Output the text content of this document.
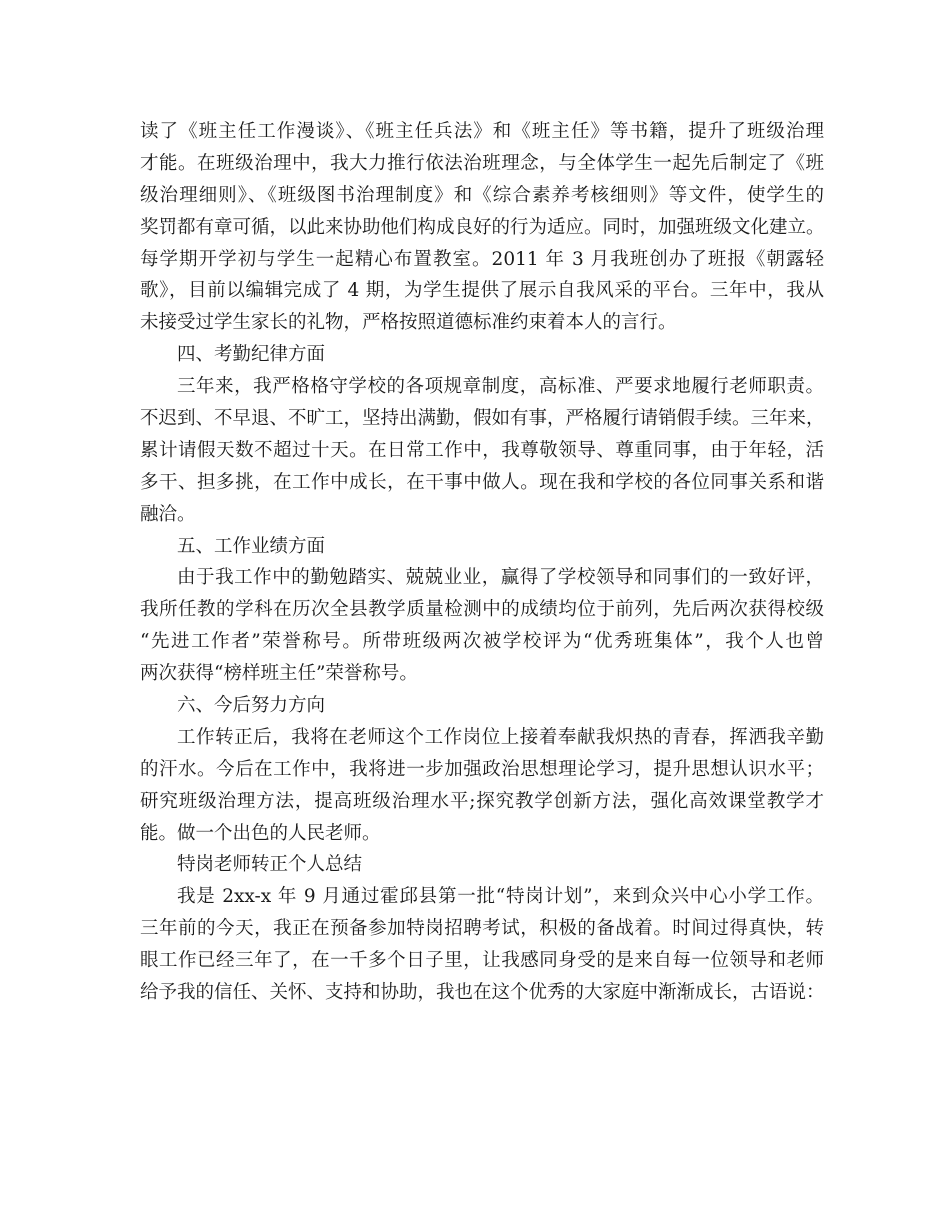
读了《班主任工作漫谈》、《班主任兵法》和《班主任》等书籍，提升了班级治理
才能。在班级治理中，我大力推行依法治班理念，与全体学生一起先后制定了《班
级治理细则》、《班级图书治理制度》和《综合素养考核细则》等文件，使学生的
奖罚都有章可循，以此来协助他们构成良好的行为适应。同时，加强班级文化建立。
每学期开学初与学生一起精心布置教室。2011 年 3 月我班创办了班报《朝露轻
歌》，目前以编辑完成了 4 期，为学生提供了展示自我风采的平台。三年中，我从
未接受过学生家长的礼物，严格按照道德标准约束着本人的言行。
四、考勤纪律方面
三年来，我严格格守学校的各项规章制度，高标准、严要求地履行老师职责。
不迟到、不早退、不旷工，坚持出满勤，假如有事，严格履行请销假手续。三年来，
累计请假天数不超过十天。在日常工作中，我尊敬领导、尊重同事，由于年轻，活
多干、担多挑，在工作中成长，在干事中做人。现在我和学校的各位同事关系和谐
融洽。
五、工作业绩方面
由于我工作中的勤勉踏实、兢兢业业，赢得了学校领导和同事们的一致好评，
我所任教的学科在历次全县教学质量检测中的成绩均位于前列，先后两次获得校级
“先进工作者”荣誉称号。所带班级两次被学校评为“优秀班集体”，我个人也曾
两次获得“榜样班主任”荣誉称号。
六、今后努力方向
工作转正后，我将在老师这个工作岗位上接着奉献我炽热的青春，挥洒我辛勤
的汗水。今后在工作中，我将进一步加强政治思想理论学习，提升思想认识水平；
研究班级治理方法，提高班级治理水平;探究教学创新方法，强化高效课堂教学才
能。做一个出色的人民老师。
特岗老师转正个人总结
我是 2xx-x 年 9 月通过霍邱县第一批“特岗计划”，来到众兴中心小学工作。
三年前的今天，我正在预备参加特岗招聘考试，积极的备战着。时间过得真快，转
眼工作已经三年了，在一千多个日子里，让我感同身受的是来自每一位领导和老师
给予我的信任、关怀、支持和协助，我也在这个优秀的大家庭中渐渐成长，古语说：
